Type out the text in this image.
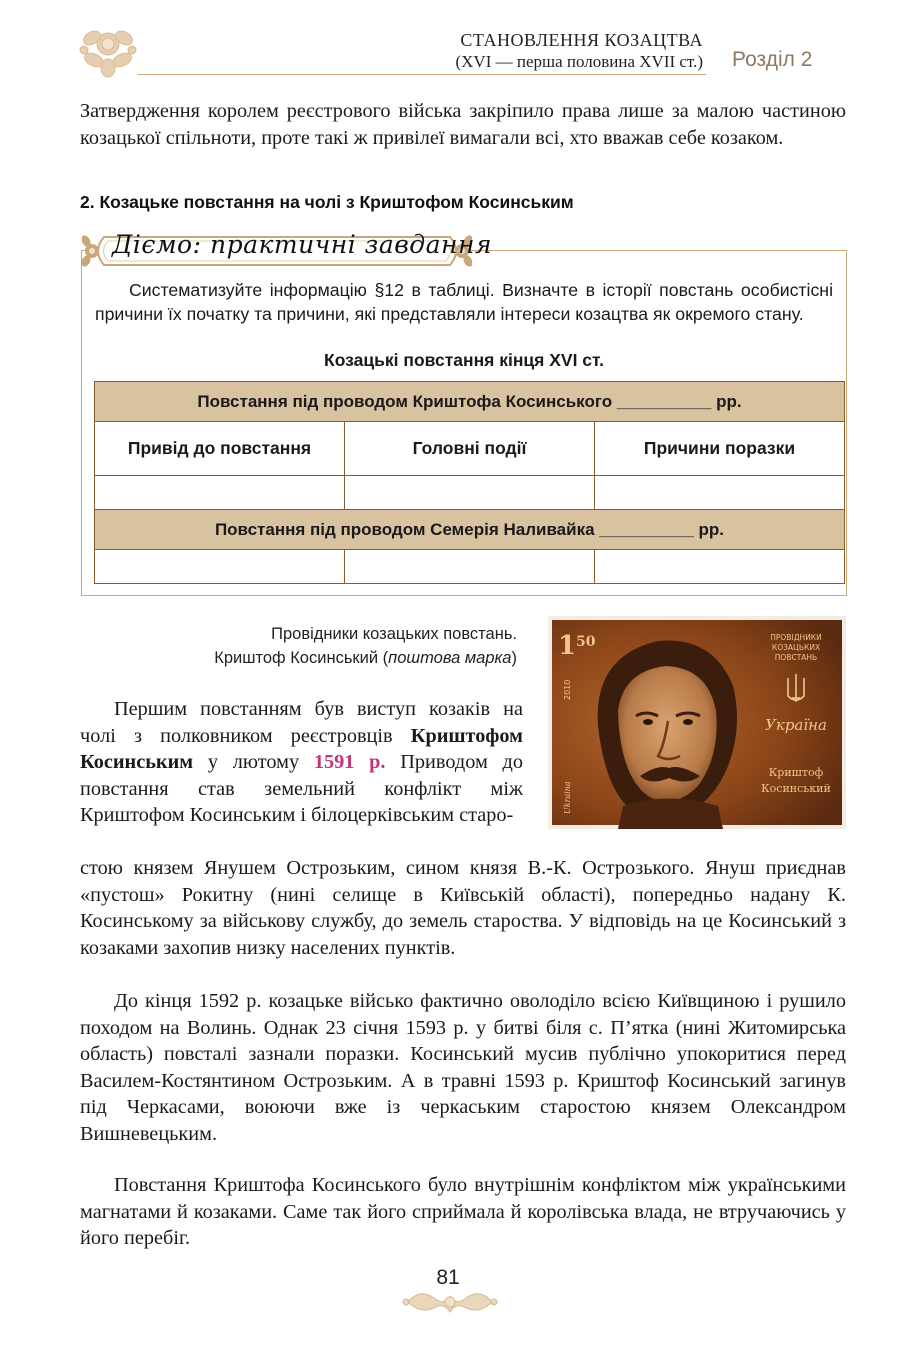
СТАНОВЛЕННЯ КОЗАЦТВА
(XVI — перша половина XVII ст.) Розділ 2
Затвердження королем реєстрового війська закріпило права лише за малою частиною козацької спільноти, проте такі ж привілеї вимагали всі, хто вважав себе козаком.
2. Козацьке повстання на чолі з Криштофом Косинським
Діємо: практичні завдання
Систематизуйте інформацію §12 в таблиці. Визначте в історії повстань особистісні причини їх початку та причини, які представляли інтереси козацтва як окремого стану.
Козацькі повстання кінця XVI ст.
Повстання під проводом Криштофа Косинського __________ рр.		
Привід до повстання	Головні події	Причини поразки

Повстання під проводом Семерія Наливайка __________ рр.		

Провідники козацьких повстань.
Криштоф Косинський (поштова марка) 1 50
2010
Ukraina
ПРОВІДНИКИ
КОЗАЦЬКИХ
ПОВСТАНЬ
Україна
Криштоф
Косинський
Першим повстанням був виступ козаків на чолі з полковником реєстровців Криштофом Косинським у лютому 1591 р. Приводом до повстання став земельний конфлікт між Криштофом Косинським і білоцерківським старо-
стою князем Янушем Острозьким, сином князя В.-К. Острозького. Януш приєднав «пустош» Рокитну (нині селище в Київській області), попередньо надану К. Косинському за військову службу, до земель староства. У відповідь на це Косинський з козаками захопив низку населених пунктів.
До кінця 1592 р. козацьке військо фактично оволоділо всією Київщиною і рушило походом на Волинь. Однак 23 січня 1593 р. у битві біля с. П’ятка (нині Житомирська область) повсталі зазнали поразки. Косинський мусив публічно упокоритися перед Василем-Костянтином Острозьким. А в травні 1593 р. Криштоф Косинський загинув під Черкасами, воюючи вже із черкаським старостою князем Олександром Вишневецьким.
Повстання Криштофа Косинського було внутрішнім конфліктом між українськими магнатами й козаками. Саме так його сприймала й королівська влада, не втручаючись у його перебіг.
81
